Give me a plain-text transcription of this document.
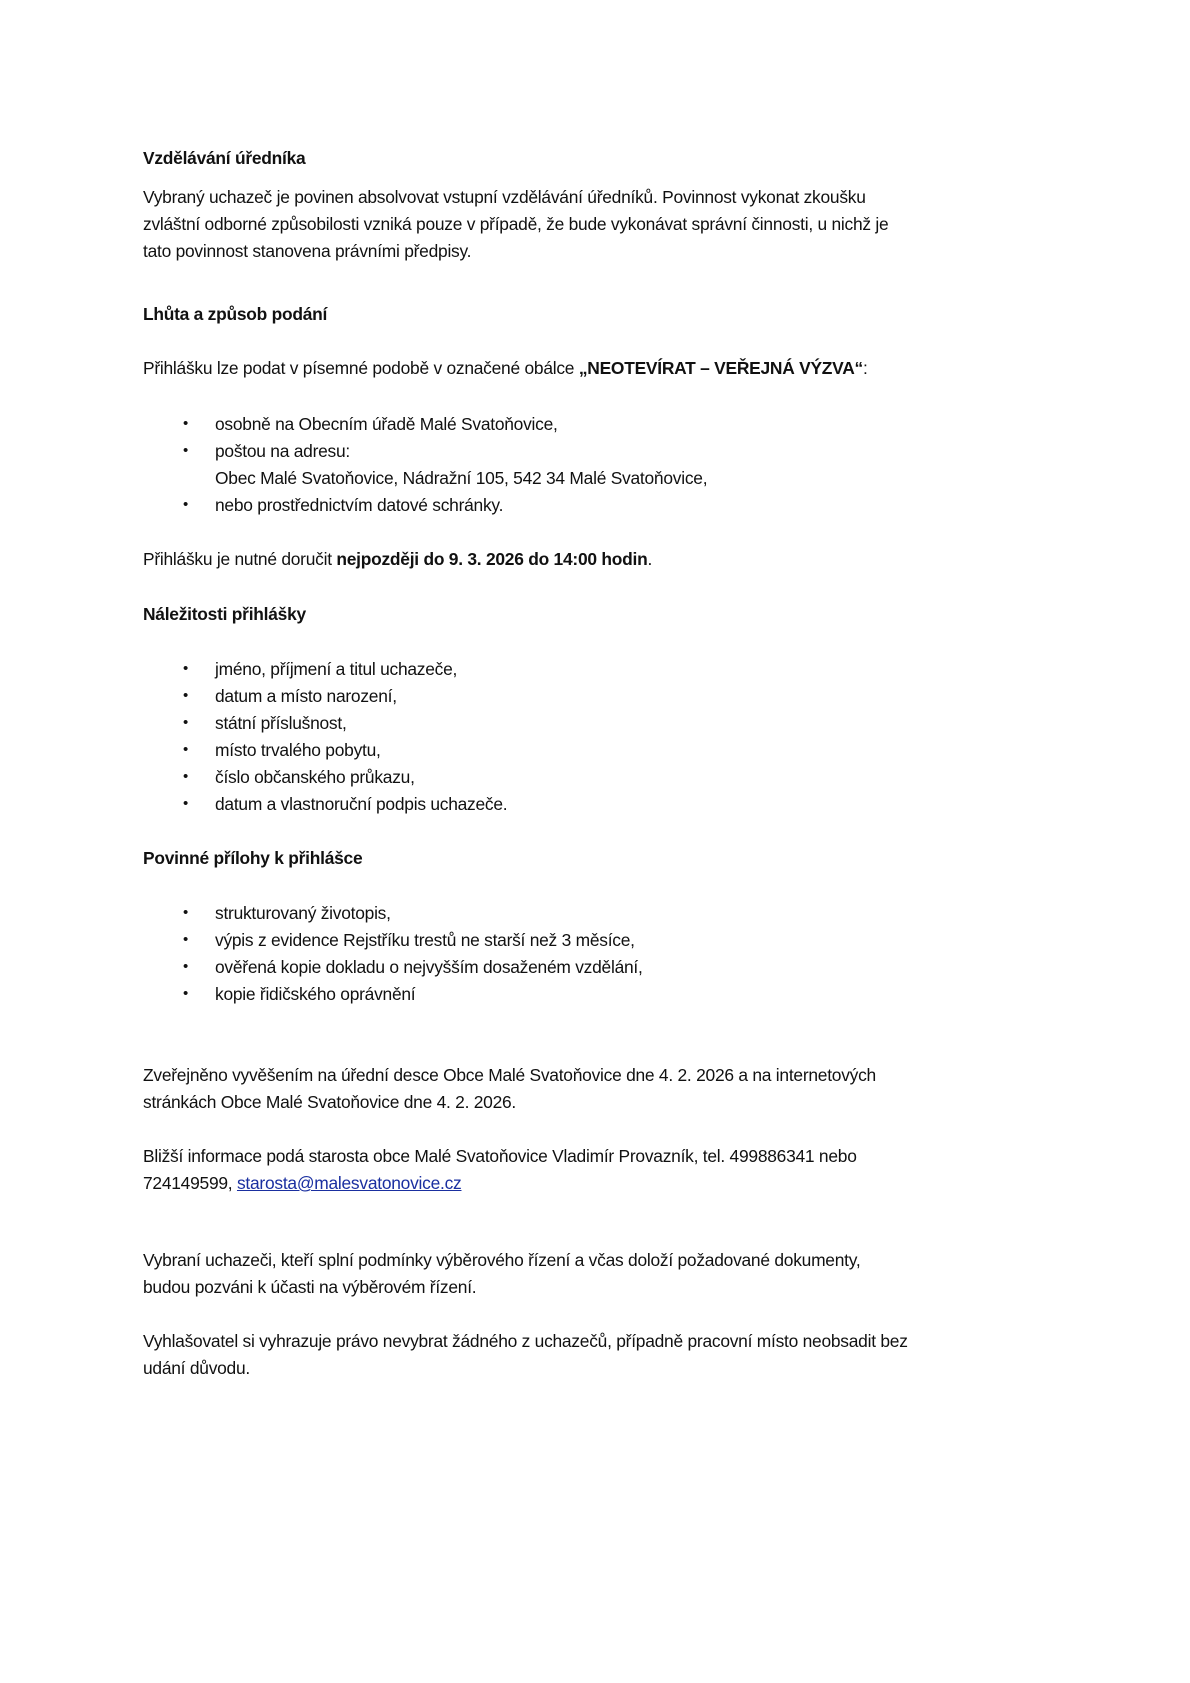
Vzdělávání úředníka
Vybraný uchazeč je povinen absolvovat vstupní vzdělávání úředníků. Povinnost vykonat zkoušku
zvláštní odborné způsobilosti vzniká pouze v případě, že bude vykonávat správní činnosti, u nichž je
tato povinnost stanovena právními předpisy.
Lhůta a způsob podání
Přihlášku lze podat v písemné podobě v označené obálce „NEOTEVÍRAT – VEŘEJNÁ VÝZVA“:
• osobně na Obecním úřadě Malé Svatoňovice,
• poštou na adresu:
Obec Malé Svatoňovice, Nádražní 105, 542 34 Malé Svatoňovice,
• nebo prostřednictvím datové schránky.
Přihlášku je nutné doručit nejpozději do 9. 3. 2026 do 14:00 hodin.
Náležitosti přihlášky
• jméno, příjmení a titul uchazeče,
• datum a místo narození,
• státní příslušnost,
• místo trvalého pobytu,
• číslo občanského průkazu,
• datum a vlastnoruční podpis uchazeče.
Povinné přílohy k přihlášce
• strukturovaný životopis,
• výpis z evidence Rejstříku trestů ne starší než 3 měsíce,
• ověřená kopie dokladu o nejvyšším dosaženém vzdělání,
• kopie řidičského oprávnění
Zveřejněno vyvěšením na úřední desce Obce Malé Svatoňovice dne 4. 2. 2026 a na internetových
stránkách Obce Malé Svatoňovice dne 4. 2. 2026.
Bližší informace podá starosta obce Malé Svatoňovice Vladimír Provazník, tel. 499886341 nebo
724149599, starosta@malesvatonovice.cz
Vybraní uchazeči, kteří splní podmínky výběrového řízení a včas doloží požadované dokumenty,
budou pozváni k účasti na výběrovém řízení.
Vyhlašovatel si vyhrazuje právo nevybrat žádného z uchazečů, případně pracovní místo neobsadit bez
udání důvodu.
